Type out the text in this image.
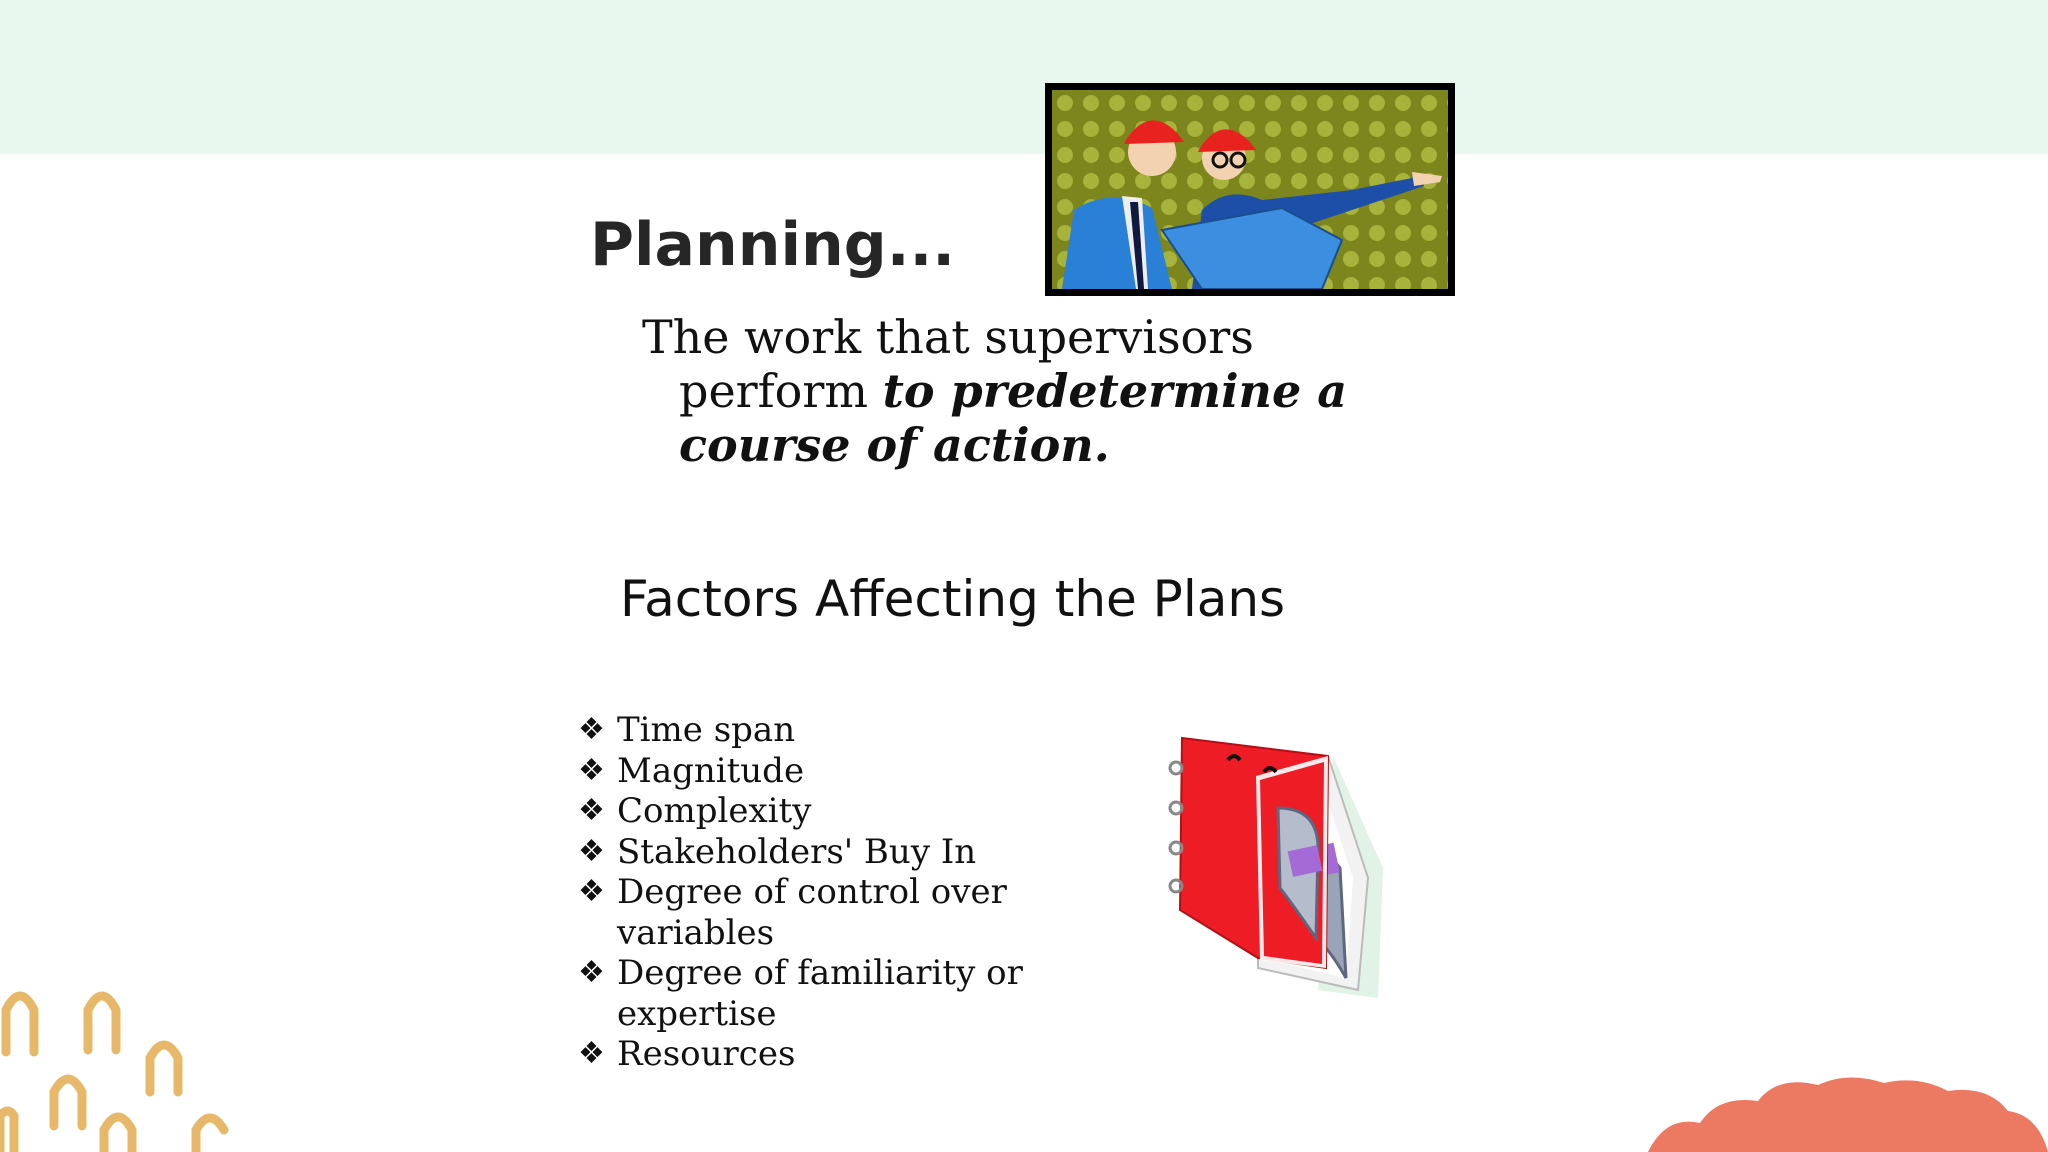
Planning...
The work that supervisors
perform to predetermine a
course of action.
Factors Affecting the Plans
❖ Time span
❖ Magnitude
❖ Complexity
❖ Stakeholders' Buy In
❖ Degree of control over
variables
❖ Degree of familiarity or
expertise
❖ Resources
